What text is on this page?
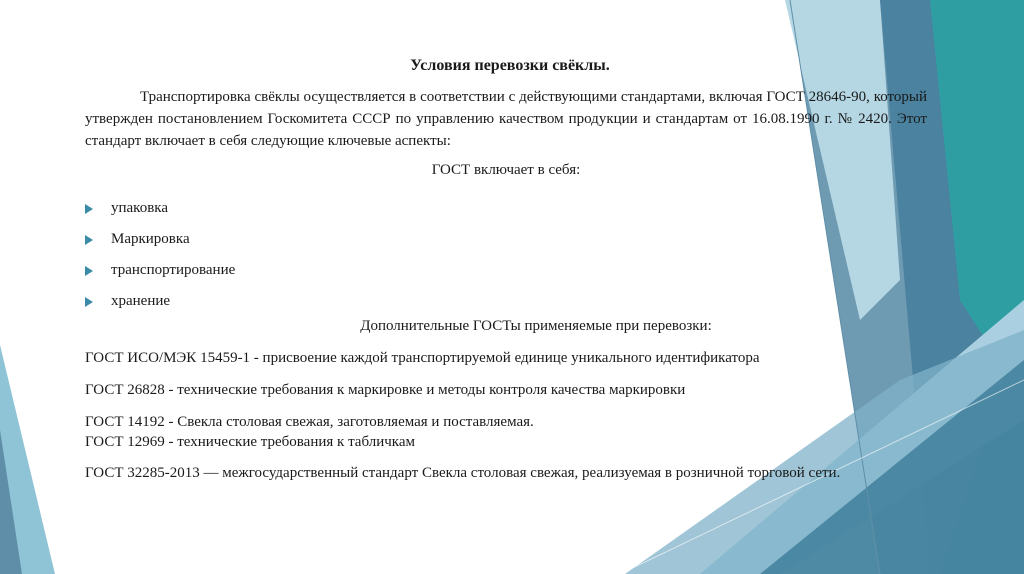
Условия перевозки свёклы.

Транспортировка свёклы осуществляется в соответствии с действующими стандартами, включая ГОСТ 28646-90, который утвержден постановлением Госкомитета СССР по управлению качеством продукции и стандартам от 16.08.1990 г. № 2420. Этот стандарт включает в себя следующие ключевые аспекты:

ГОСТ включает в себя:
упаковка
Маркировка
транспортирование
хранение
Дополнительные ГОСТы применяемые при перевозки:

ГОСТ ИСО/МЭК 15459-1 - присвоение каждой транспортируемой единице уникального идентификатора

ГОСТ 26828 - технические требования к маркировке и методы контроля качества маркировки

ГОСТ 14192 - Свекла столовая свежая, заготовляемая и поставляемая.

ГОСТ 12969 - технические требования к табличкам

ГОСТ 32285-2013 — межгосударственный стандарт Свекла столовая свежая, реализуемая в розничной торговой сети.
